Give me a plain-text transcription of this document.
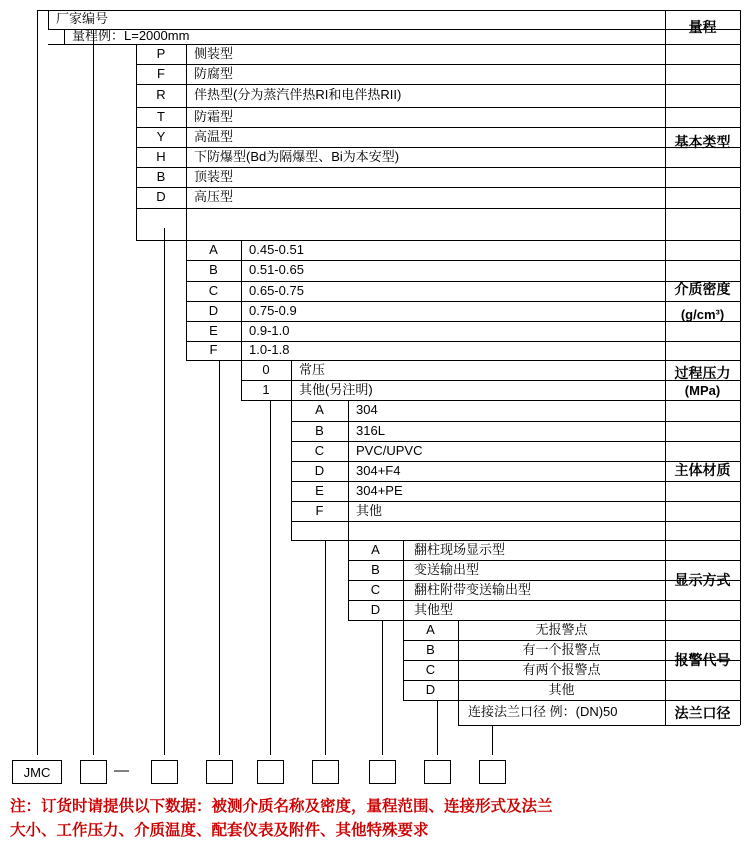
厂家编号
量程例：L=2000mm
P 侧装型
F 防腐型
R 伴热型(分为蒸汽伴热RI和电伴热RII)
T 防霜型
Y 高温型
H 下防爆型(Bd为隔爆型、Bi为本安型)
B 顶装型
D 高压型
A 0.45-0.51
B 0.51-0.65
C 0.65-0.75
D 0.75-0.9
E 0.9-1.0
F 1.0-1.8
0 常压
1 其他(另注明)
A 304
B 316L
C PVC/UPVC
D 304+F4
E 304+PE
F	其他
A	翻柱现场显示型
B	变送输出型
C	翻柱附带变送输出型
D	其他型
A	无报警点
B	有一个报警点
C	有两个报警点
D	其他
连接法兰口径 例：(DN)50
量程
基本类型
介质密度
(g/cm³)
过程压力
(MPa)
主体材质
显示方式
报警代号
法兰口径
JMC	—
注：订货时请提供以下数据：被测介质名称及密度，量程范围、连接形式及法兰
大小、工作压力、介质温度、配套仪表及附件、其他特殊要求
